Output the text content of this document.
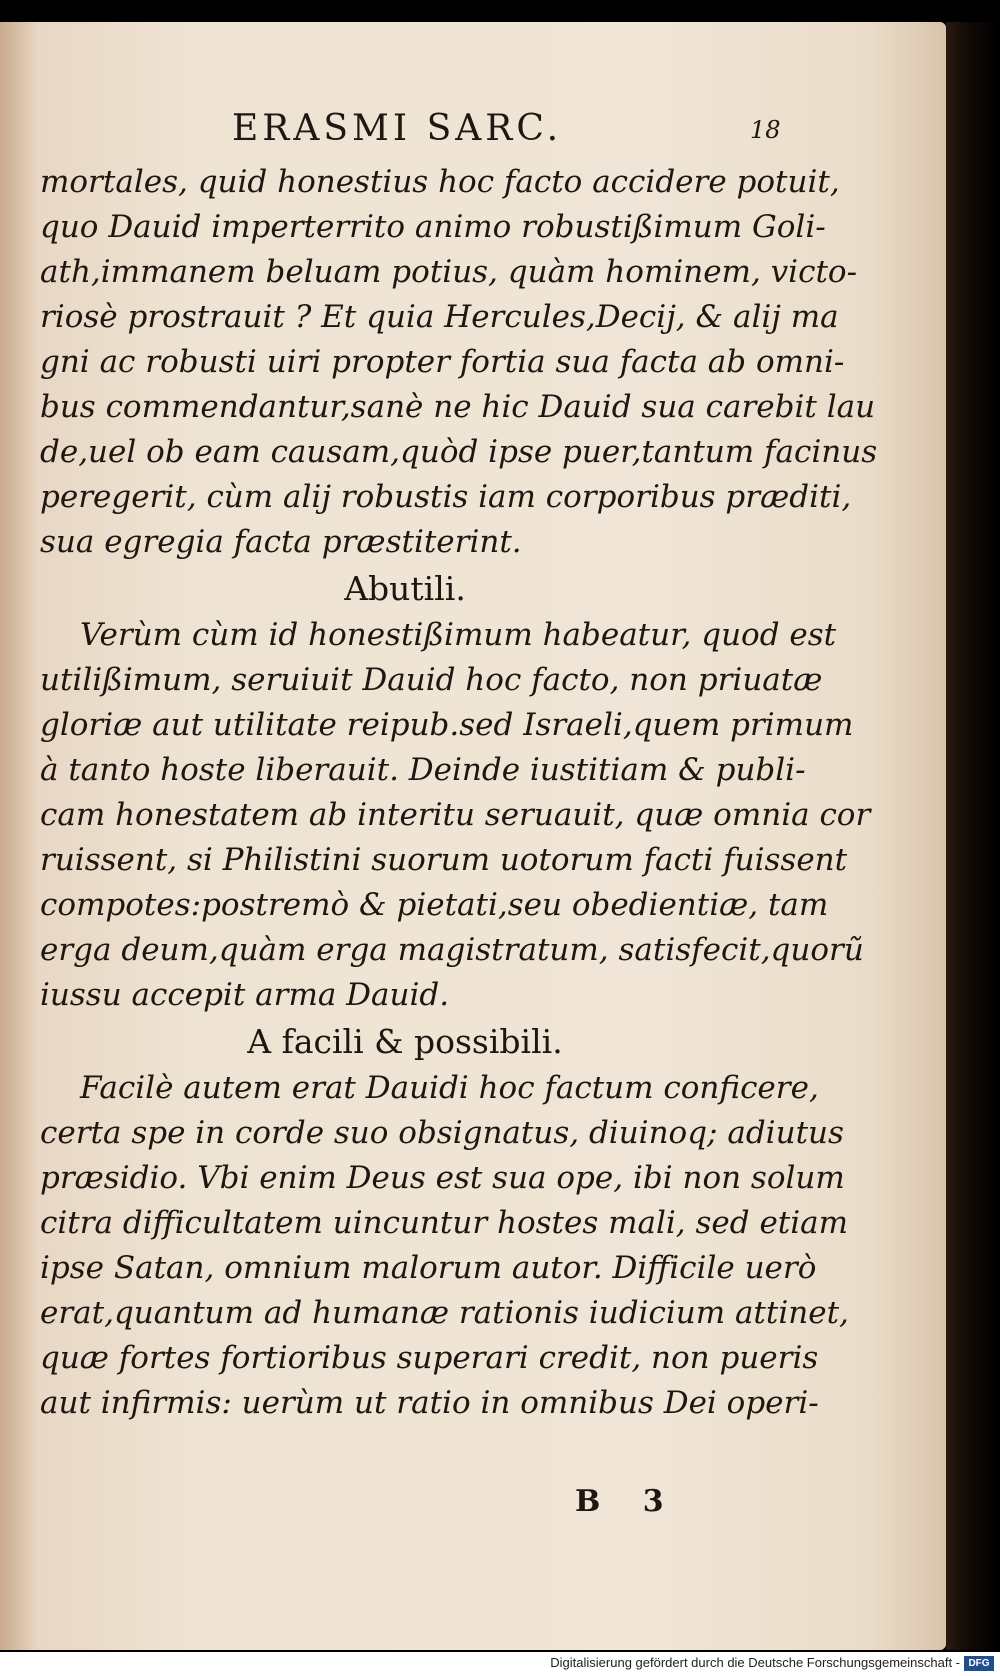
ERASMI SARC.	18
mortales, quid honestius hoc facto accidere potuit,
quo Dauid imperterrito animo robustißimum Goli-
ath,immanem beluam potius, quàm hominem, victo-
riosè prostrauit ? Et quia Hercules,Decij, & alij ma
gni ac robusti uiri propter fortia sua facta ab omni-
bus commendantur,sanè ne hic Dauid sua carebit lau
de,uel ob eam causam,quòd ipse puer,tantum facinus
peregerit, cùm alij robustis iam corporibus præditi,
sua egregia facta præstiterint.
Abutili.
Verùm cùm id honestißimum habeatur, quod est
utilißimum, seruiuit Dauid hoc facto, non priuatæ
gloriæ aut utilitate reipub.sed Israeli,quem primum
à tanto hoste liberauit. Deinde iustitiam & publi-
cam honestatem ab interitu seruauit, quæ omnia cor
ruissent, si Philistini suorum uotorum facti fuissent
compotes:postremò & pietati,seu obedientiæ, tam
erga deum,quàm erga magistratum, satisfecit,quorũ
iussu accepit arma Dauid.
A facili & possibili.
Facilè autem erat Dauidi hoc factum conficere,
certa spe in corde suo obsignatus, diuinoq; adiutus
præsidio. Vbi enim Deus est sua ope, ibi non solum
citra difficultatem uincuntur hostes mali, sed etiam
ipse Satan, omnium malorum autor. Difficile uerò
erat,quantum ad humanæ rationis iudicium attinet,
quæ fortes fortioribus superari credit, non pueris
aut infirmis: uerùm ut ratio in omnibus Dei operi-
B 3
Digitalisierung gefördert durch die Deutsche Forschungsgemeinschaft - DFG
